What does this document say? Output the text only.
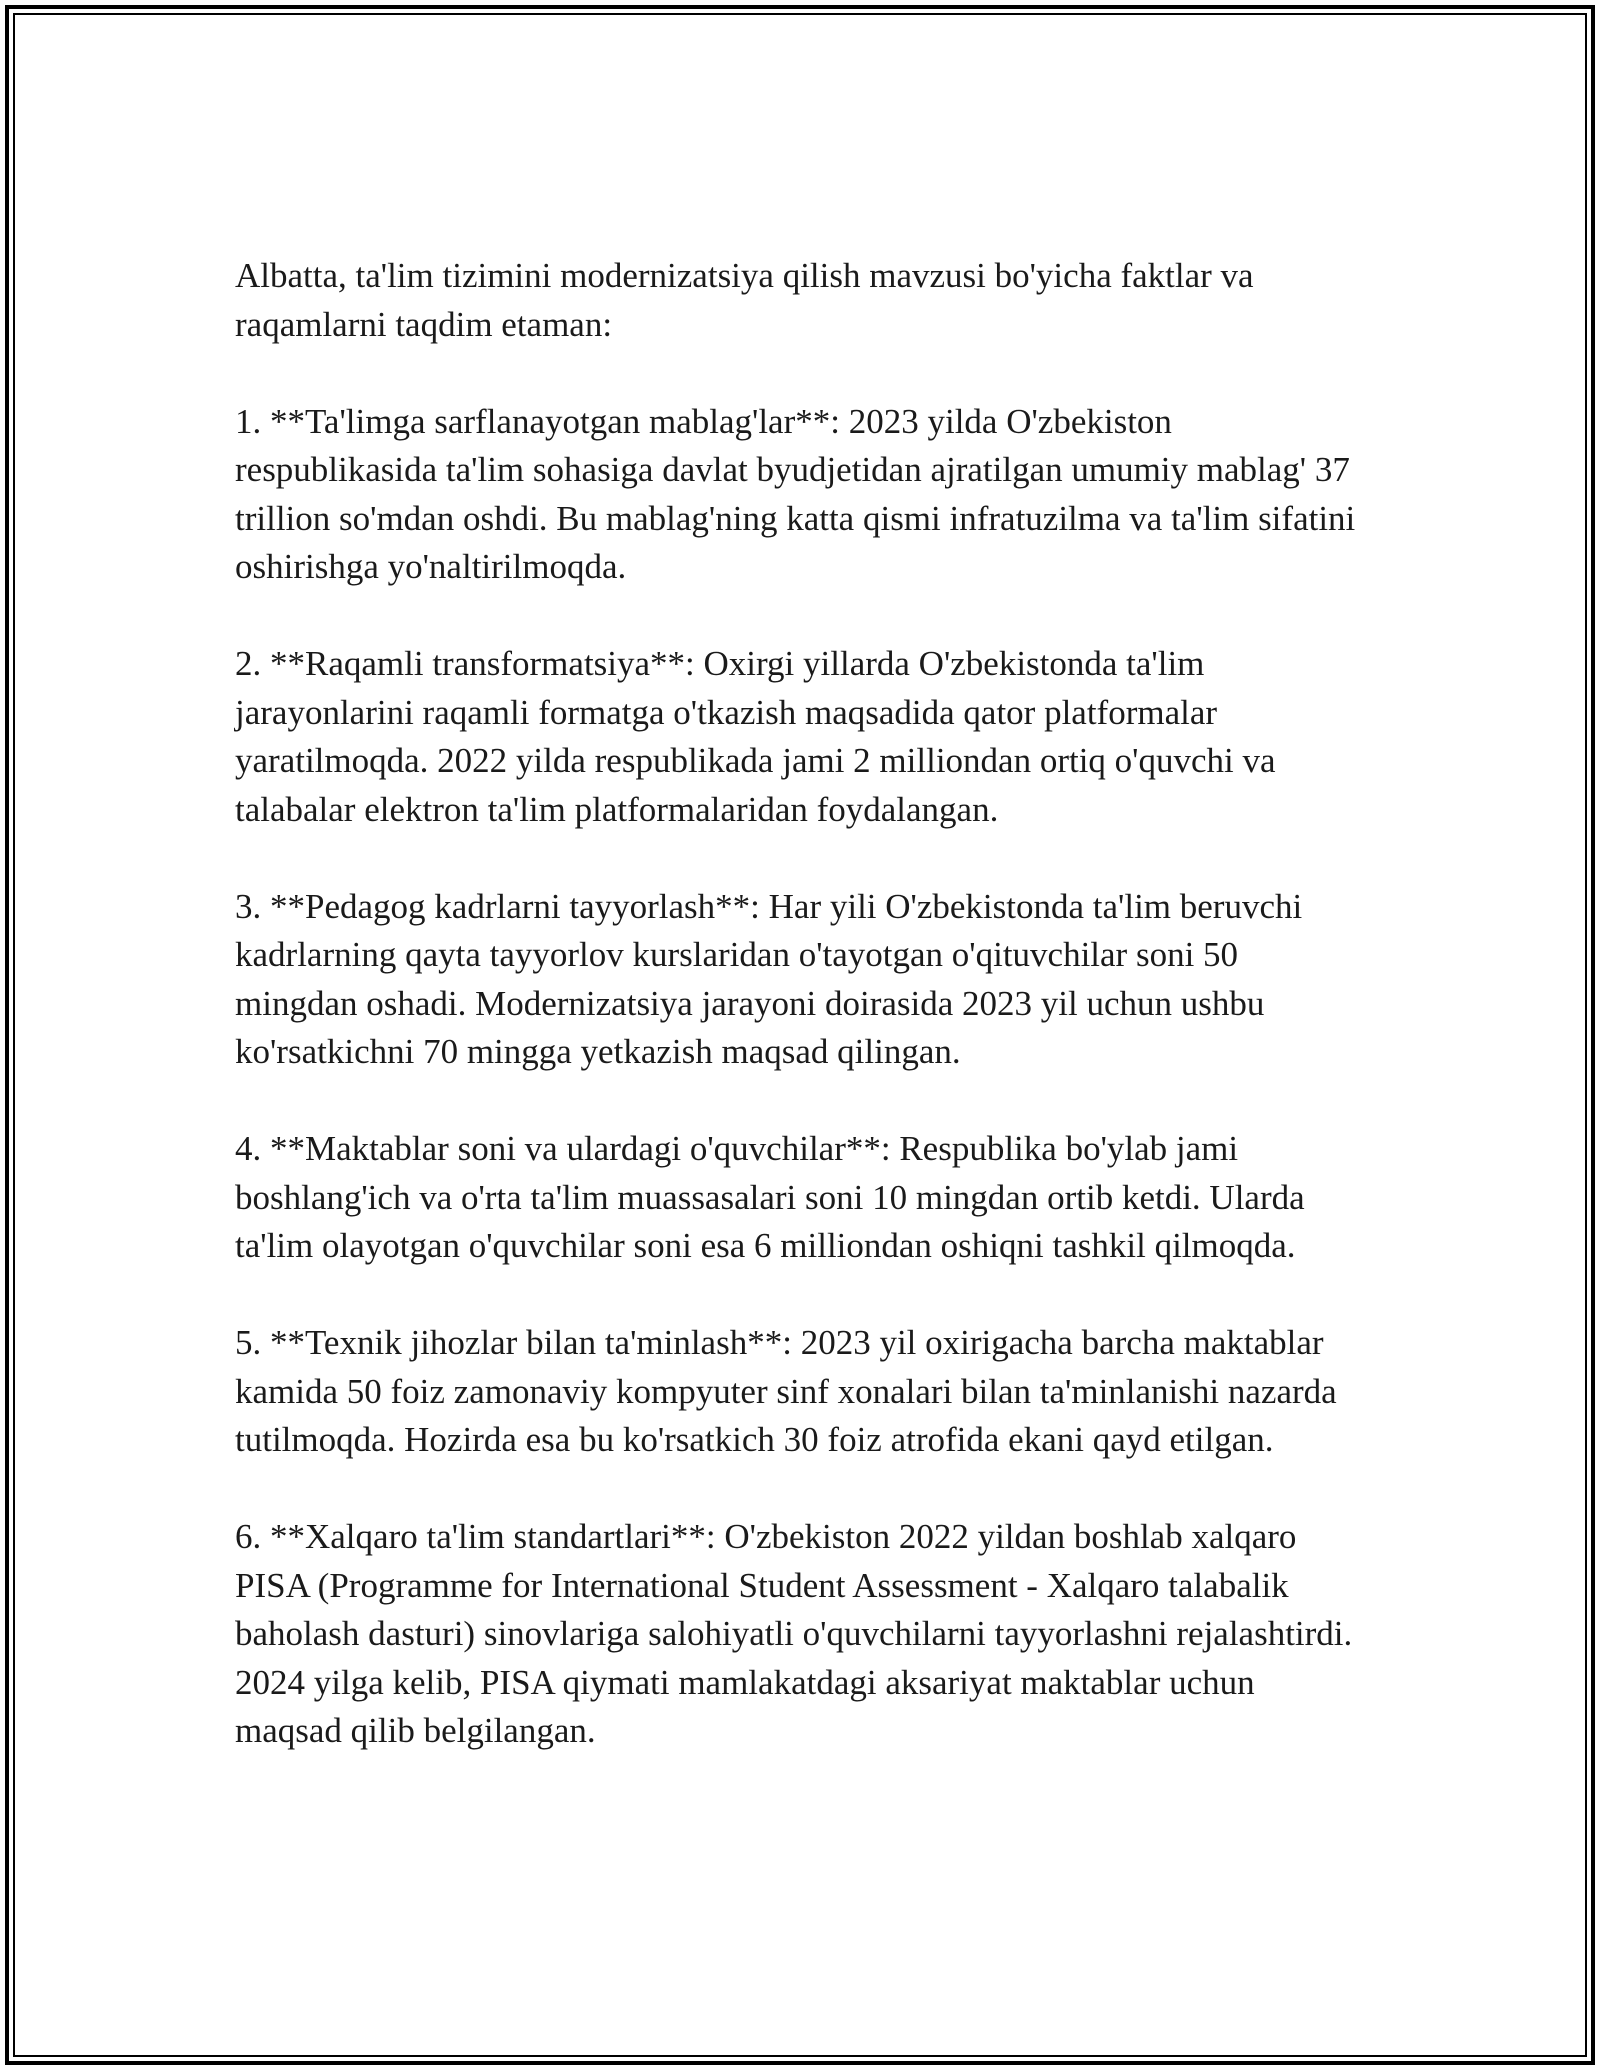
Albatta, ta'lim tizimini modernizatsiya qilish mavzusi bo'yicha faktlar va raqamlarni taqdim etaman:

1. **Ta'limga sarflanayotgan mablag'lar**: 2023 yilda O'zbekiston respublikasida ta'lim sohasiga davlat byudjetidan ajratilgan umumiy mablag' 37 trillion so'mdan oshdi. Bu mablag'ning katta qismi infratuzilma va ta'lim sifatini oshirishga yo'naltirilmoqda.

2. **Raqamli transformatsiya**: Oxirgi yillarda O'zbekistonda ta'lim jarayonlarini raqamli formatga o'tkazish maqsadida qator platformalar yaratilmoqda. 2022 yilda respublikada jami 2 milliondan ortiq o'quvchi va talabalar elektron ta'lim platformalaridan foydalangan.

3. **Pedagog kadrlarni tayyorlash**: Har yili O'zbekistonda ta'lim beruvchi kadrlarning qayta tayyorlov kurslaridan o'tayotgan o'qituvchilar soni 50 mingdan oshadi. Modernizatsiya jarayoni doirasida 2023 yil uchun ushbu ko'rsatkichni 70 mingga yetkazish maqsad qilingan.

4. **Maktablar soni va ulardagi o'quvchilar**: Respublika bo'ylab jami boshlang'ich va o'rta ta'lim muassasalari soni 10 mingdan ortib ketdi. Ularda ta'lim olayotgan o'quvchilar soni esa 6 milliondan oshiqni tashkil qilmoqda.

5. **Texnik jihozlar bilan ta'minlash**: 2023 yil oxirigacha barcha maktablar kamida 50 foiz zamonaviy kompyuter sinf xonalari bilan ta'minlanishi nazarda tutilmoqda. Hozirda esa bu ko'rsatkich 30 foiz atrofida ekani qayd etilgan.

6. **Xalqaro ta'lim standartlari**: O'zbekiston 2022 yildan boshlab xalqaro PISA (Programme for International Student Assessment - Xalqaro talabalik baholash dasturi) sinovlariga salohiyatli o'quvchilarni tayyorlashni rejalashtirdi. 2024 yilga kelib, PISA qiymati mamlakatdagi aksariyat maktablar uchun maqsad qilib belgilangan.
